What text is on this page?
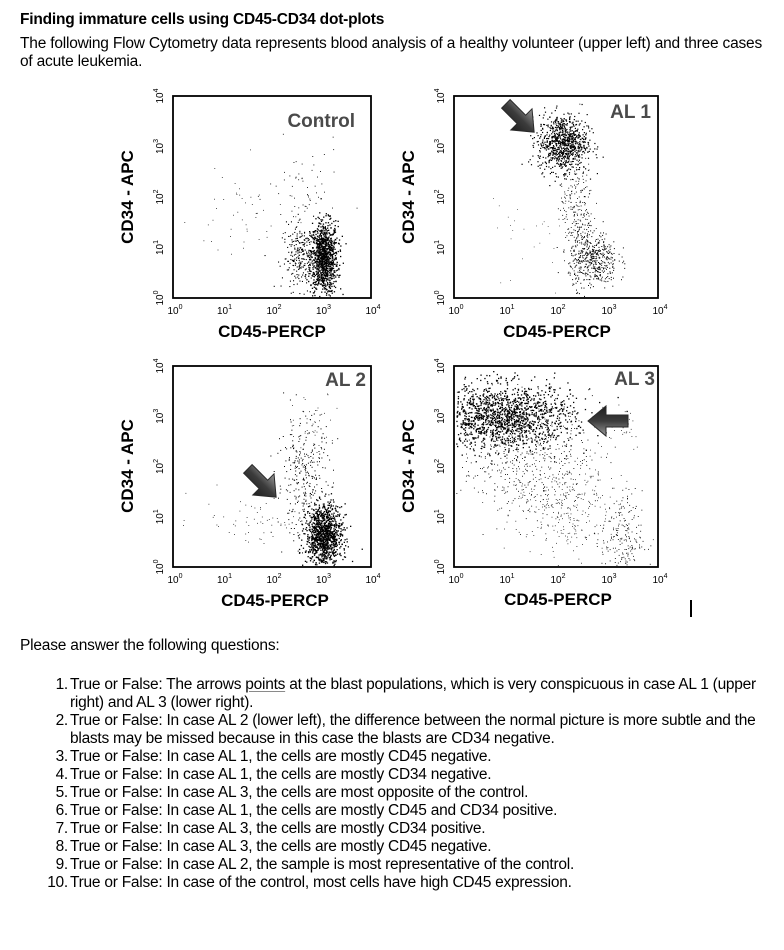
Finding immature cells using CD45-CD34 dot-plots
The following Flow Cytometry data represents blood analysis of a healthy volunteer (upper left) and three cases of acute leukemia.
Control
$10^0$
$10^0$
$10^1$
$10^1$
$10^2$
$10^2$
$10^3$
$10^3$
$10^4$
$10^4$
CD45-PERCP
CD34 - APC
AL 1
$10^0$
$10^0$
$10^1$
$10^1$
$10^2$
$10^2$
$10^3$
$10^3$
$10^4$
$10^4$
CD45-PERCP
CD34 - APC
AL 2
$10^0$
$10^0$
$10^1$
$10^1$
$10^2$
$10^2$
$10^3$
$10^3$
$10^4$
$10^4$
CD45-PERCP
CD34 - APC
AL 3
$10^0$
$10^0$
$10^1$
$10^1$
$10^2$
$10^2$
$10^3$
$10^3$
$10^4$
$10^4$
CD45-PERCP
CD34 - APC
Please answer the following questions:
1. True or False: The arrows points at the blast populations, which is very conspicuous in case AL 1 (upper right) and AL 3 (lower right).
2. True or False: In case AL 2 (lower left), the difference between the normal picture is more subtle and the blasts may be missed because in this case the blasts are CD34 negative.
3. True or False: In case AL 1, the cells are mostly CD45 negative.
4. True or False: In case AL 1, the cells are mostly CD34 negative.
5. True or False: In case AL 3, the cells are most opposite of the control.
6. True or False: In case AL 1, the cells are mostly CD45 and CD34 positive.
7. True or False: In case AL 3, the cells are mostly CD34 positive.
8. True or False: In case AL 3, the cells are mostly CD45 negative.
9. True or False: In case AL 2, the sample is most representative of the control.
10. True or False: In case of the control, most cells have high CD45 expression.
